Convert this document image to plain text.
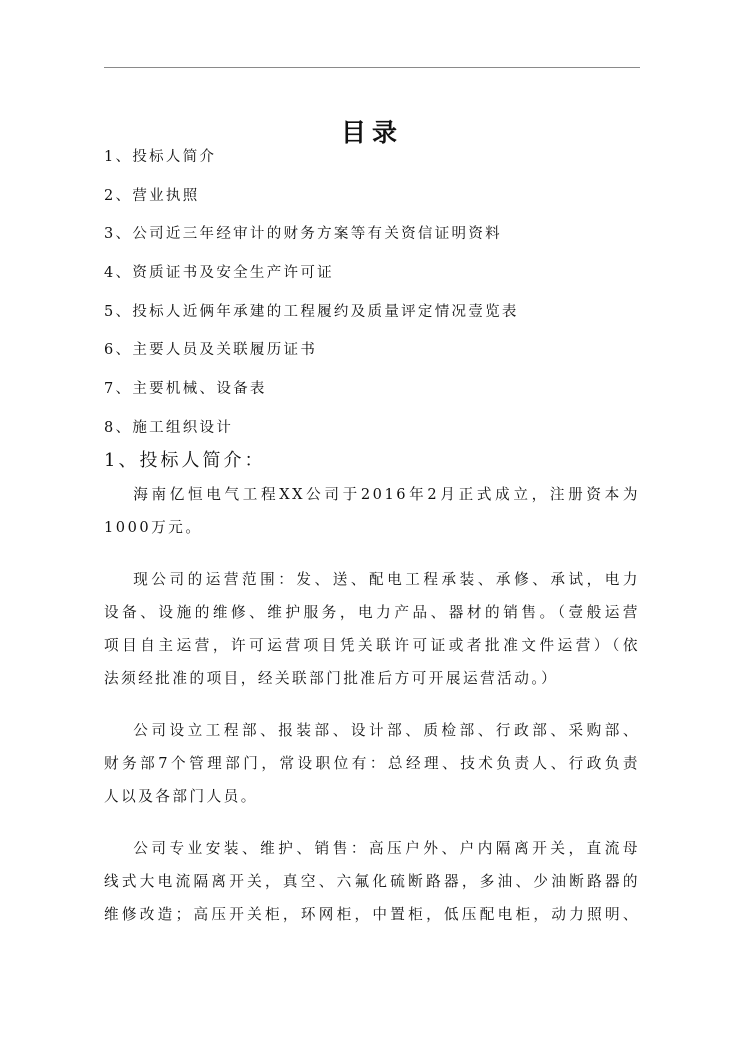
目录
1、投标人简介
2、营业执照
3、公司近三年经审计的财务方案等有关资信证明资料
4、资质证书及安全生产许可证
5、投标人近俩年承建的工程履约及质量评定情况壹览表
6、主要人员及关联履历证书
7、主要机械、设备表
8、施工组织设计
1、投标人简介：

海南亿恒电气工程XX公司于2016年2月正式成立，注册资本为
1000万元。

现公司的运营范围：发、送、配电工程承装、承修、承试，电力
设备、设施的维修、维护服务，电力产品、器材的销售。（壹般运营
项目自主运营，许可运营项目凭关联许可证或者批准文件运营）（依
法须经批准的项目，经关联部门批准后方可开展运营活动。）

公司设立工程部、报装部、设计部、质检部、行政部、采购部、
财务部7个管理部门，常设职位有：总经理、技术负责人、行政负责
人以及各部门人员。

公司专业安装、维护、销售：高压户外、户内隔离开关，直流母
线式大电流隔离开关，真空、六氟化硫断路器，多油、少油断路器的
维修改造；高压开关柜，环网柜，中置柜，低压配电柜，动力照明、
